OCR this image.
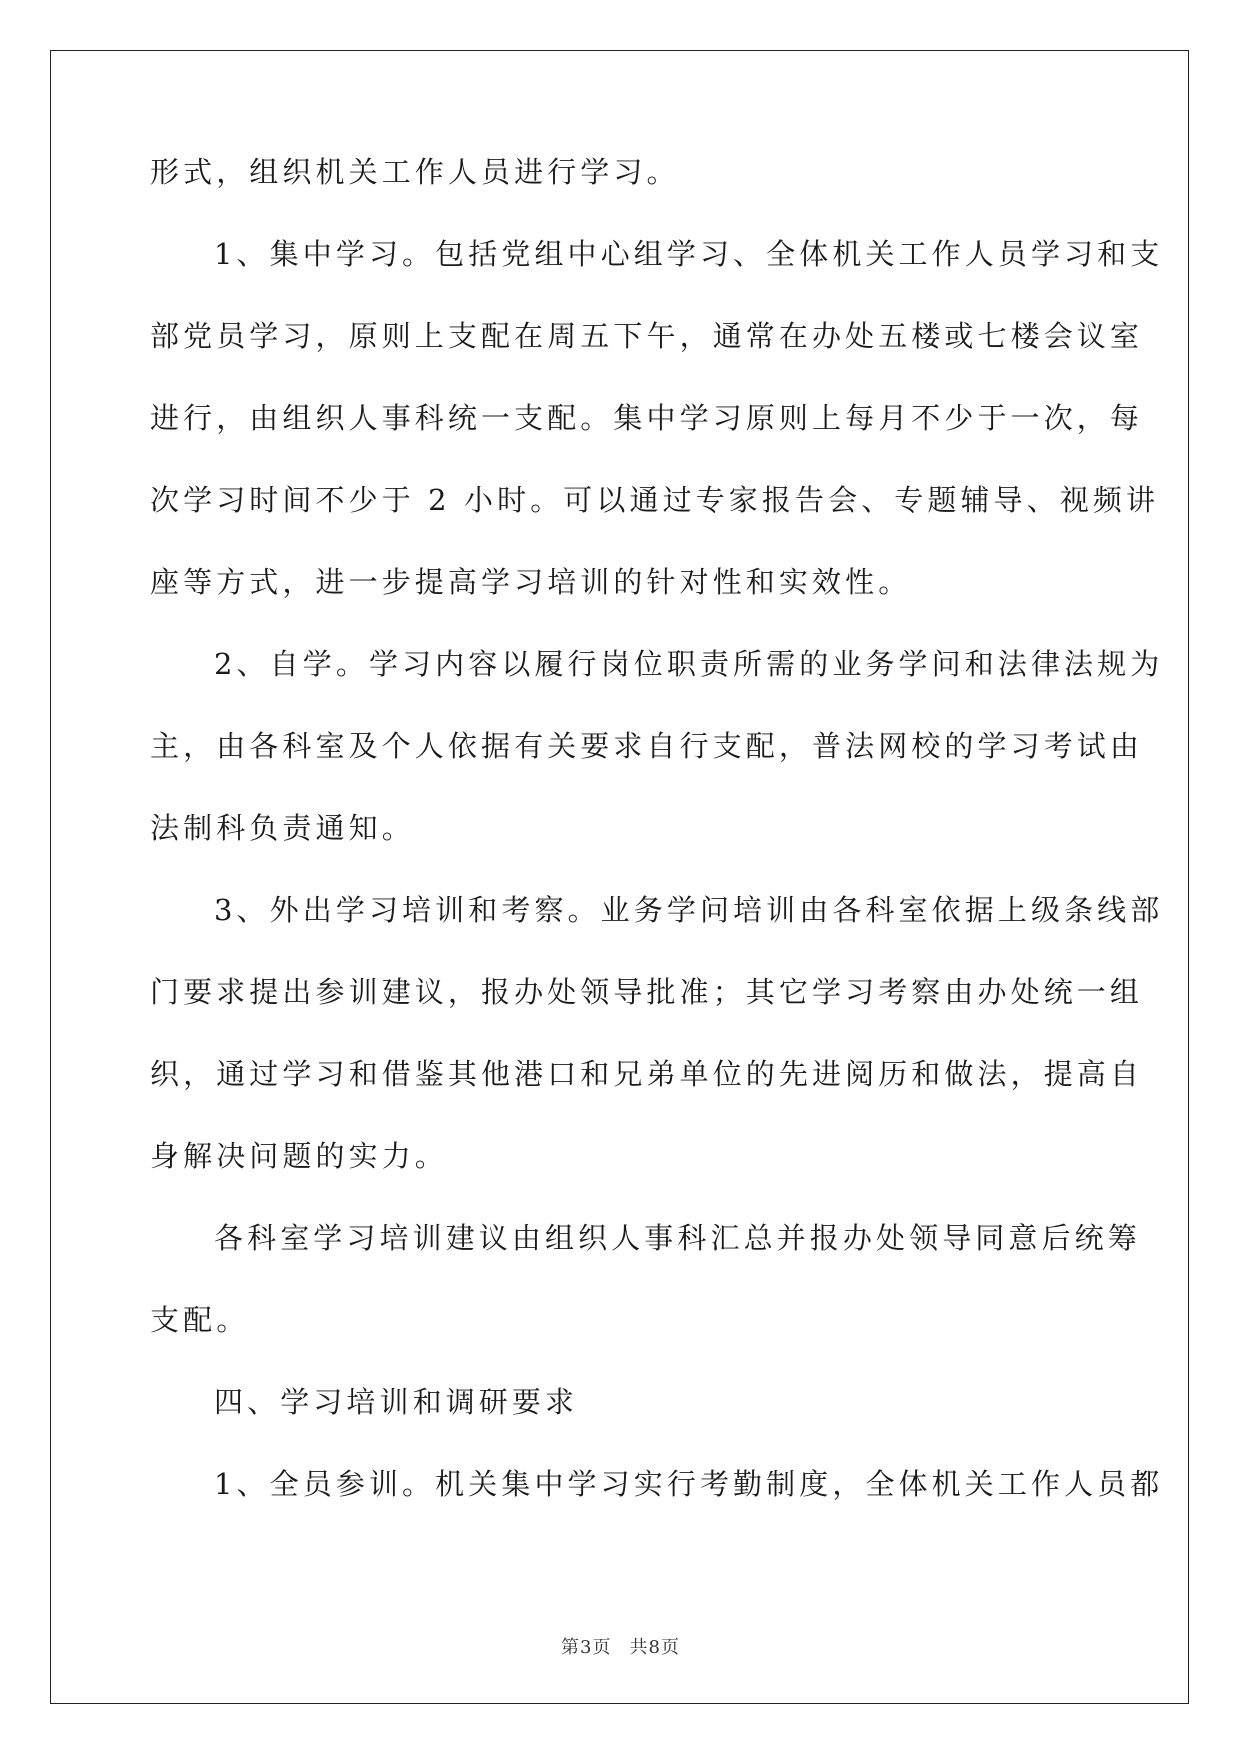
形式，组织机关工作人员进行学习。
1、集中学习。包括党组中心组学习、全体机关工作人员学习和支
部党员学习，原则上支配在周五下午，通常在办处五楼或七楼会议室
进行，由组织人事科统一支配。集中学习原则上每月不少于一次，每
次学习时间不少于 2 小时。可以通过专家报告会、专题辅导、视频讲
座等方式，进一步提高学习培训的针对性和实效性。
2、自学。学习内容以履行岗位职责所需的业务学问和法律法规为
主，由各科室及个人依据有关要求自行支配，普法网校的学习考试由
法制科负责通知。
3、外出学习培训和考察。业务学问培训由各科室依据上级条线部
门要求提出参训建议，报办处领导批准；其它学习考察由办处统一组
织，通过学习和借鉴其他港口和兄弟单位的先进阅历和做法，提高自
身解决问题的实力。
各科室学习培训建议由组织人事科汇总并报办处领导同意后统筹
支配。
四、学习培训和调研要求
1、全员参训。机关集中学习实行考勤制度，全体机关工作人员都
第3页 共8页
